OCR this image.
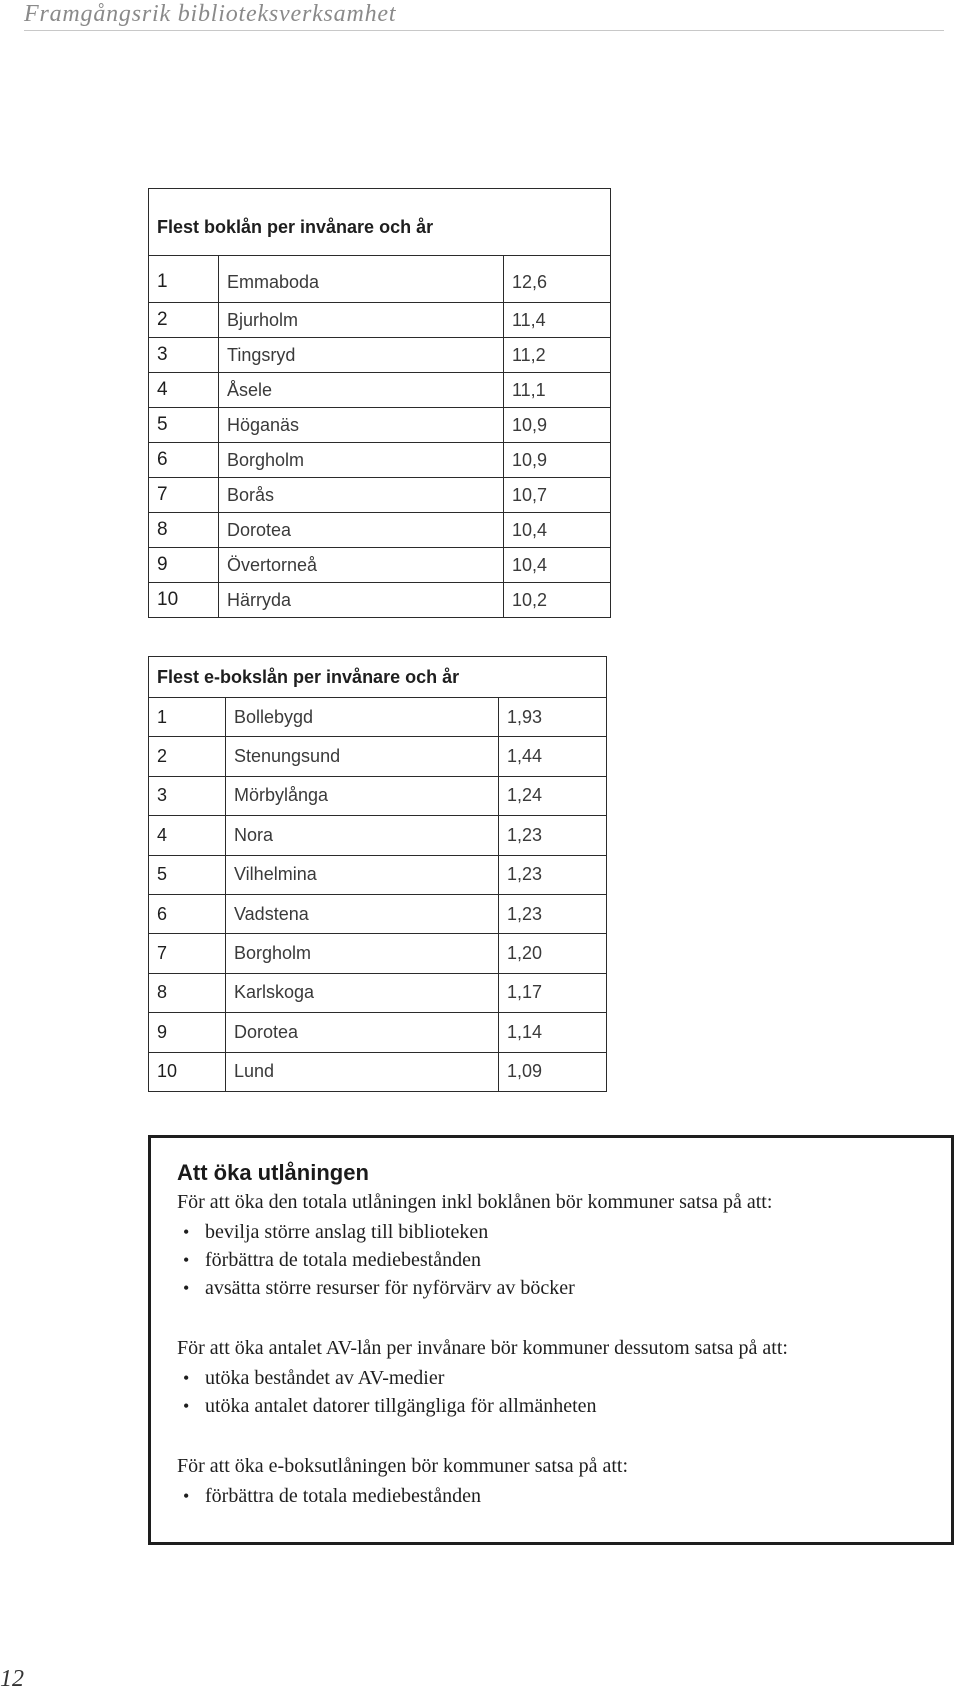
Framgångsrik biblioteksverksamhet
Flest boklån per invånare och år		
1	Emmaboda	12,6
2	Bjurholm	11,4
3	Tingsryd	11,2
4	Åsele	11,1
5	Höganäs	10,9
6	Borgholm	10,9
7	Borås	10,7
8	Dorotea	10,4
9	Övertorneå	10,4
10	Härryda	10,2
Flest e-bokslån per invånare och år		
1	Bollebygd	1,93
2	Stenungsund	1,44
3	Mörbylånga	1,24
4	Nora	1,23
5	Vilhelmina	1,23
6	Vadstena	1,23
7	Borgholm	1,20
8	Karlskoga	1,17
9	Dorotea	1,14
10	Lund	1,09
Att öka utlåningen

För att öka den totala utlåningen inkl boklånen bör kommuner satsa på att:

• bevilja större anslag till biblioteken
• förbättra de totala mediebestånden
• avsätta större resurser för nyförvärv av böcker

För att öka antalet AV-lån per invånare bör kommuner dessutom satsa på att:

• utöka beståndet av AV-medier
• utöka antalet datorer tillgängliga för allmänheten

För att öka e-boksutlåningen bör kommuner satsa på att:

• förbättra de totala mediebestånden
12
